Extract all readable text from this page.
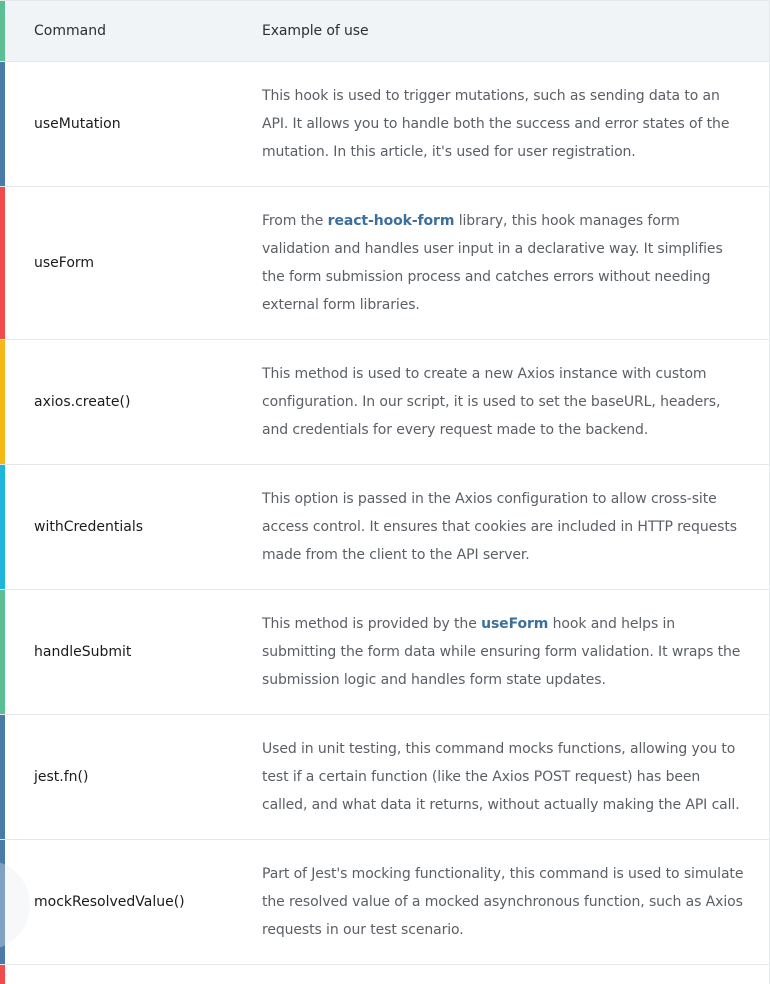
Command	Example of use
useMutation
This hook is used to trigger mutations, such as sending data to an API. It allows you to handle both the success and error states of the mutation. In this article, it's used for user registration.
useForm
From the react-hook-form library, this hook manages form validation and handles user input in a declarative way. It simplifies the form submission process and catches errors without needing external form libraries.
axios.create()
This method is used to create a new Axios instance with custom configuration. In our script, it is used to set the baseURL, headers, and credentials for every request made to the backend.
withCredentials
This option is passed in the Axios configuration to allow cross-site access control. It ensures that cookies are included in HTTP requests made from the client to the API server.
handleSubmit
This method is provided by the useForm hook and helps in submitting the form data while ensuring form validation. It wraps the submission logic and handles form state updates.
jest.fn()
Used in unit testing, this command mocks functions, allowing you to test if a certain function (like the Axios POST request) has been called, and what data it returns, without actually making the API call.
mockResolvedValue()
Part of Jest's mocking functionality, this command is used to simulate the resolved value of a mocked asynchronous function, such as Axios requests in our test scenario.
